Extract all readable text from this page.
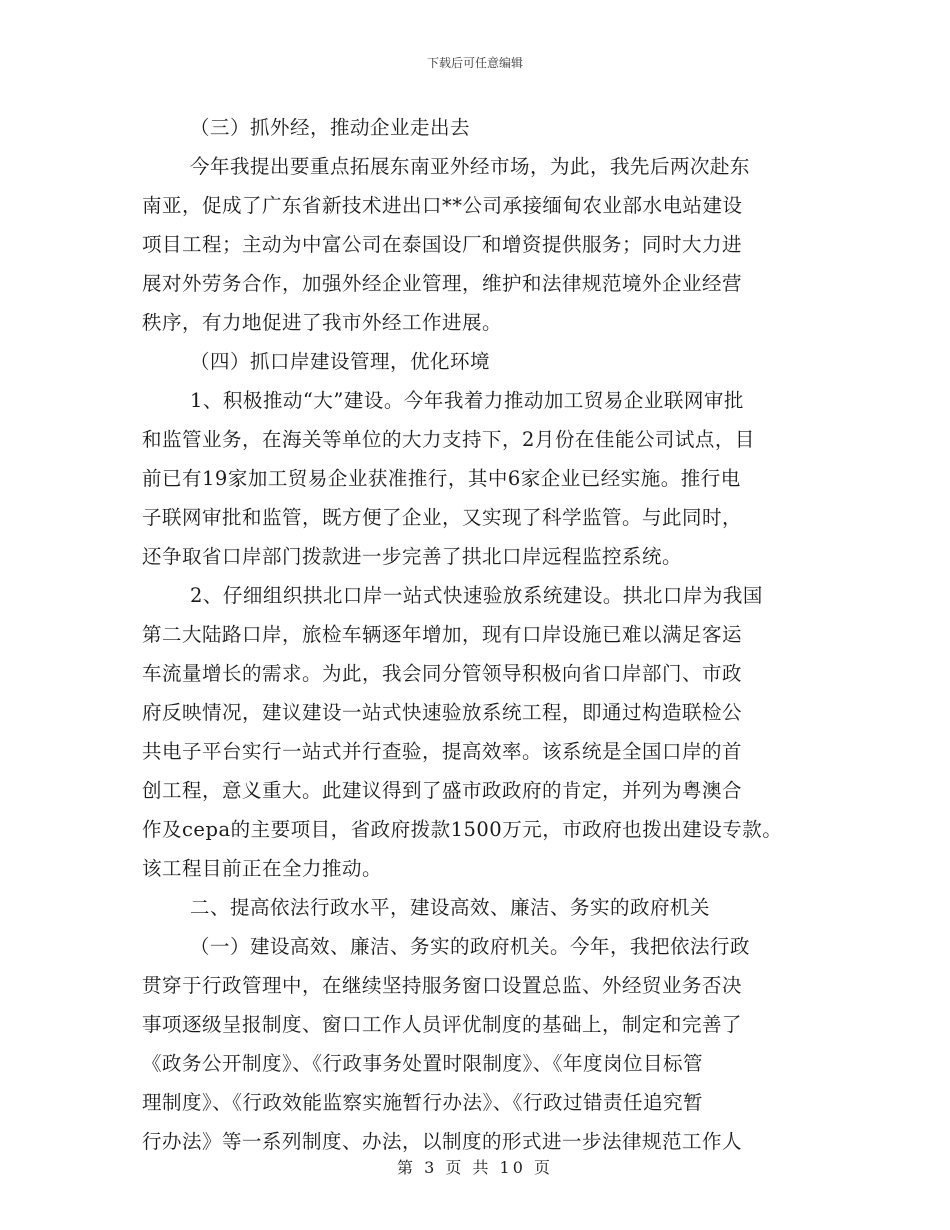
下载后可任意编辑
（三）抓外经，推动企业走出去
今年我提出要重点拓展东南亚外经市场，为此，我先后两次赴东
南亚，促成了广东省新技术进出口**公司承接缅甸农业部水电站建设
项目工程；主动为中富公司在泰国设厂和增资提供服务；同时大力进
展对外劳务合作，加强外经企业管理，维护和法律规范境外企业经营
秩序，有力地促进了我市外经工作进展。
（四）抓口岸建设管理，优化环境
1、积极推动“大”建设。今年我着力推动加工贸易企业联网审批
和监管业务，在海关等单位的大力支持下，2月份在佳能公司试点，目
前已有19家加工贸易企业获准推行，其中6家企业已经实施。推行电
子联网审批和监管，既方便了企业，又实现了科学监管。与此同时，
还争取省口岸部门拨款进一步完善了拱北口岸远程监控系统。
2、仔细组织拱北口岸一站式快速验放系统建设。拱北口岸为我国
第二大陆路口岸，旅检车辆逐年增加，现有口岸设施已难以满足客运
车流量增长的需求。为此，我会同分管领导积极向省口岸部门、市政
府反映情况，建议建设一站式快速验放系统工程，即通过构造联检公
共电子平台实行一站式并行查验，提高效率。该系统是全国口岸的首
创工程，意义重大。此建议得到了盛市政政府的肯定，并列为粤澳合
作及cepa的主要项目，省政府拨款1500万元，市政府也拨出建设专款。
该工程目前正在全力推动。
二、提高依法行政水平，建设高效、廉洁、务实的政府机关
（一）建设高效、廉洁、务实的政府机关。今年，我把依法行政
贯穿于行政管理中，在继续坚持服务窗口设置总监、外经贸业务否决
事项逐级呈报制度、窗口工作人员评优制度的基础上，制定和完善了
《政务公开制度》、《行政事务处置时限制度》、《年度岗位目标管
理制度》、《行政效能监察实施暂行办法》、《行政过错责任追究暂
行办法》等一系列制度、办法，以制度的形式进一步法律规范工作人
第 3 页 共 10 页
